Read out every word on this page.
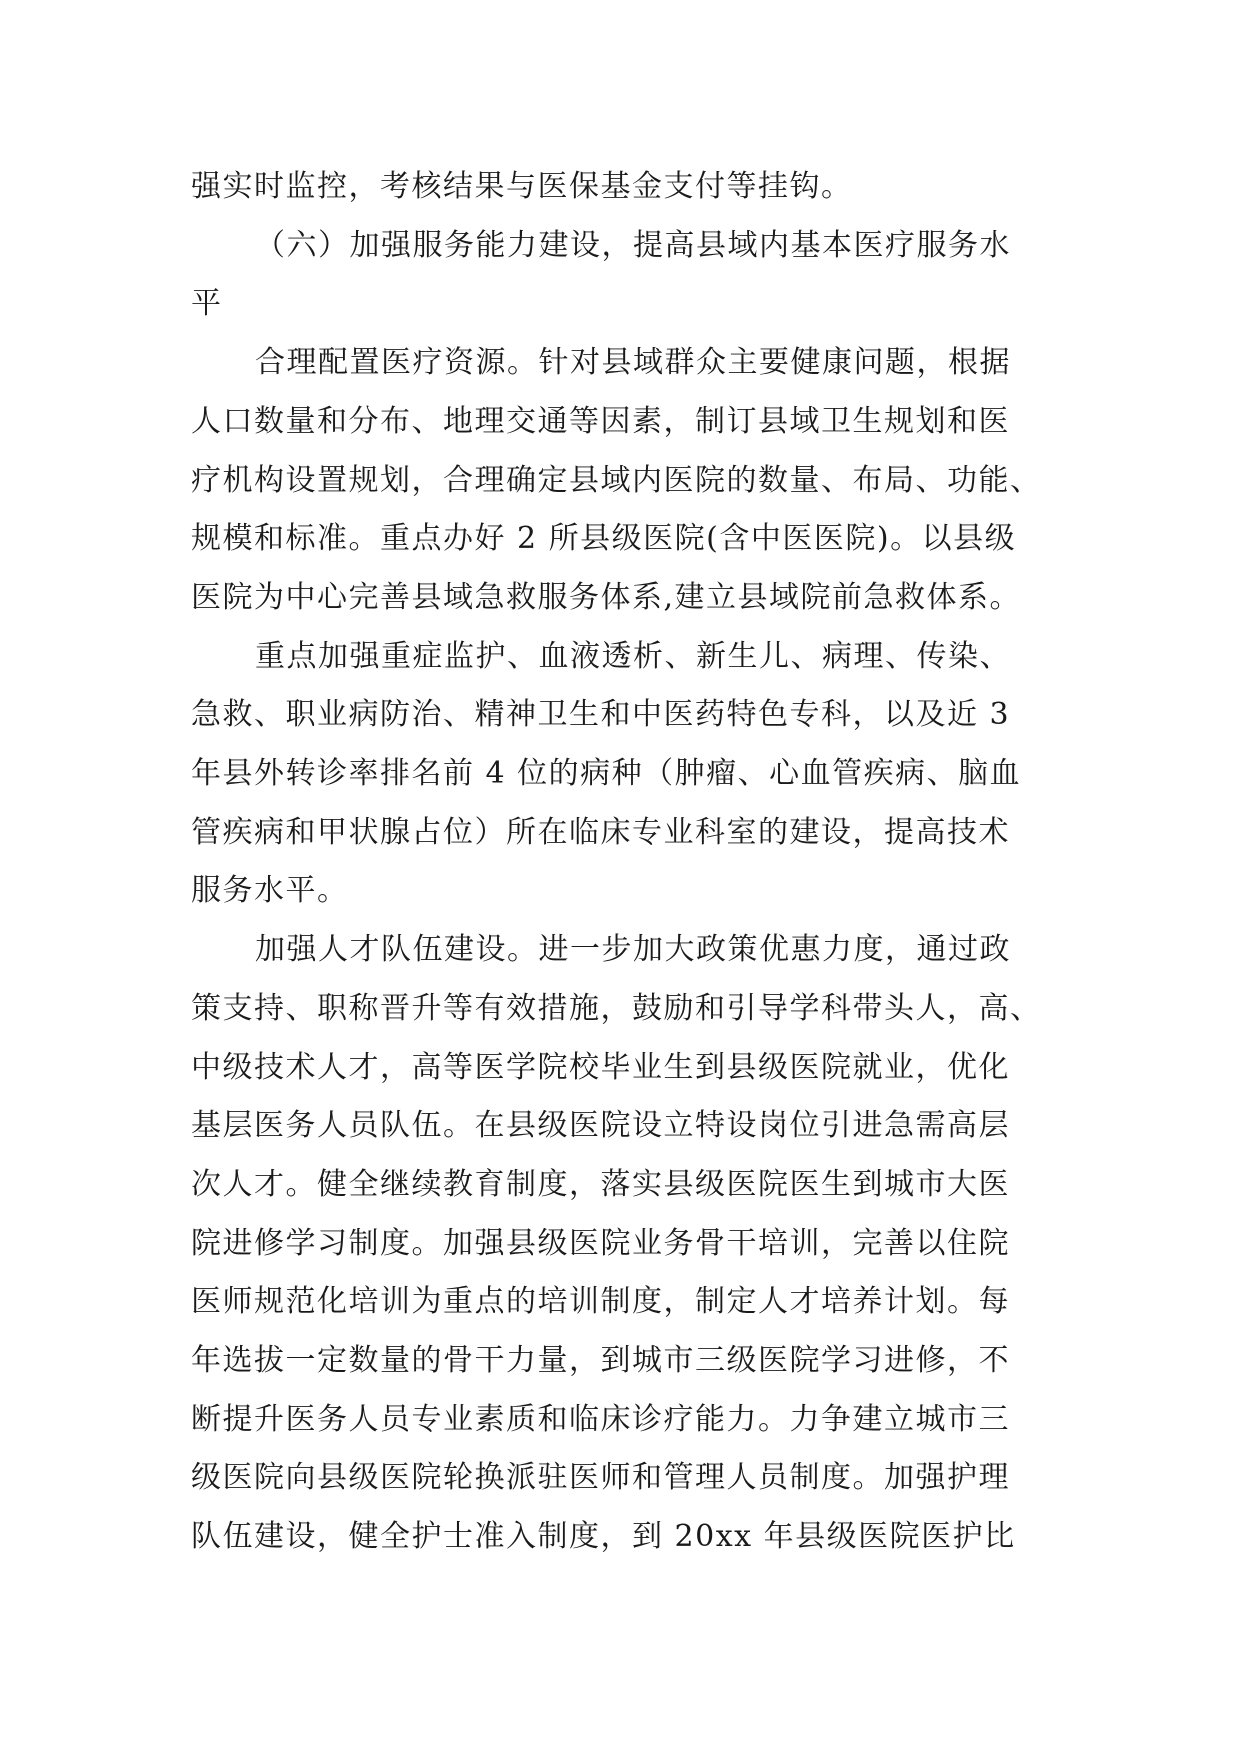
强实时监控，考核结果与医保基金支付等挂钩。

（六）加强服务能力建设，提高县域内基本医疗服务水

平

合理配置医疗资源。针对县域群众主要健康问题，根据

人口数量和分布、地理交通等因素，制订县域卫生规划和医

疗机构设置规划，合理确定县域内医院的数量、布局、功能、

规模和标准。重点办好 2 所县级医院(含中医医院)。以县级

医院为中心完善县域急救服务体系,建立县域院前急救体系。

重点加强重症监护、血液透析、新生儿、病理、传染、

急救、职业病防治、精神卫生和中医药特色专科，以及近 3

年县外转诊率排名前 4 位的病种（肿瘤、心血管疾病、脑血

管疾病和甲状腺占位）所在临床专业科室的建设，提高技术

服务水平。

加强人才队伍建设。进一步加大政策优惠力度，通过政

策支持、职称晋升等有效措施，鼓励和引导学科带头人，高、

中级技术人才，高等医学院校毕业生到县级医院就业，优化

基层医务人员队伍。在县级医院设立特设岗位引进急需高层

次人才。健全继续教育制度，落实县级医院医生到城市大医

院进修学习制度。加强县级医院业务骨干培训，完善以住院

医师规范化培训为重点的培训制度，制定人才培养计划。每

年选拔一定数量的骨干力量，到城市三级医院学习进修，不

断提升医务人员专业素质和临床诊疗能力。力争建立城市三

级医院向县级医院轮换派驻医师和管理人员制度。加强护理

队伍建设，健全护士准入制度，到 20xx 年县级医院医护比
